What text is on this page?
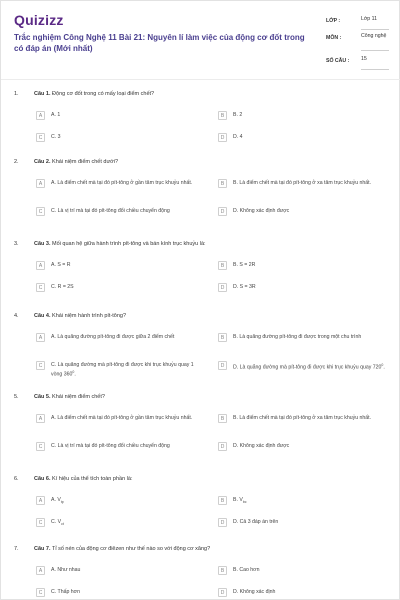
Quizizz
Trắc nghiệm Công Nghệ 11 Bài 21: Nguyên lí làm việc của động cơ đốt trong có đáp án (Mới nhất)
LỚP :	Lớp 11
MÔN :	Công nghệ
SỐ CÂU : 15
1.	Câu 1. Động cơ đốt trong có mấy loại điểm chết?
A	A. 1	B	B. 2
C	C. 3	D	D. 4
2.	Câu 2. Khái niệm điểm chết dưới?
A	A. Là điểm chết mà tại đó pít-tông ở gần tâm trục khuỷu nhất.	B	B. Là điểm chết mà tại đó pít-tông ở xa tâm trục khuỷu nhất.
C	C. Là vị trí mà tại đó pít-tông đổi chiều chuyển động	D	D. Không xác định được
3.	Câu 3. Mối quan hệ giữa hành trình pít-tông và bán kính trục khuỷu là:
A	A. S = R	B	B. S = 2R
C	C. R = 2S	D	D. S = 3R
4.	Câu 4. Khái niệm hành trình pít-tông?
A	A. Là quãng đường pít-tông đi được giữa 2 điểm chết	B	B. Là quãng đường pít-tông đi được trong một chu trình
C	C. Là quãng đường mà pít-tông đi được khi trục khuỷu quay 1 vòng $360^0$.
D	D. Là quãng đường mà pít-tông đi được khi trục khuỷu quay $720^0$.
5.	Câu 5. Khái niệm điểm chết?
A	A. Là điểm chết mà tại đó pít-tông ở gần tâm trục khuỷu nhất.	B	B. Là điểm chết mà tại đó pít-tông ở xa tâm trục khuỷu nhất.
C	C. Là vị trí mà tại đó pít-tông đổi chiều chuyển động	D	D. Không xác định được
6.	Câu 6. Kí hiệu của thể tích toàn phần là:
A	A. $V_{tp}$	B	B. $V_{bc}$
C	C. $V_{ct}$	D	D. Cả 3 đáp án trên
7.	Câu 7. Tỉ số nén của động cơ điêzen như thế nào so với động cơ xăng?
A	A. Như nhau	B	B. Cao hơn
C	C. Thấp hơn	D	D. Không xác định
